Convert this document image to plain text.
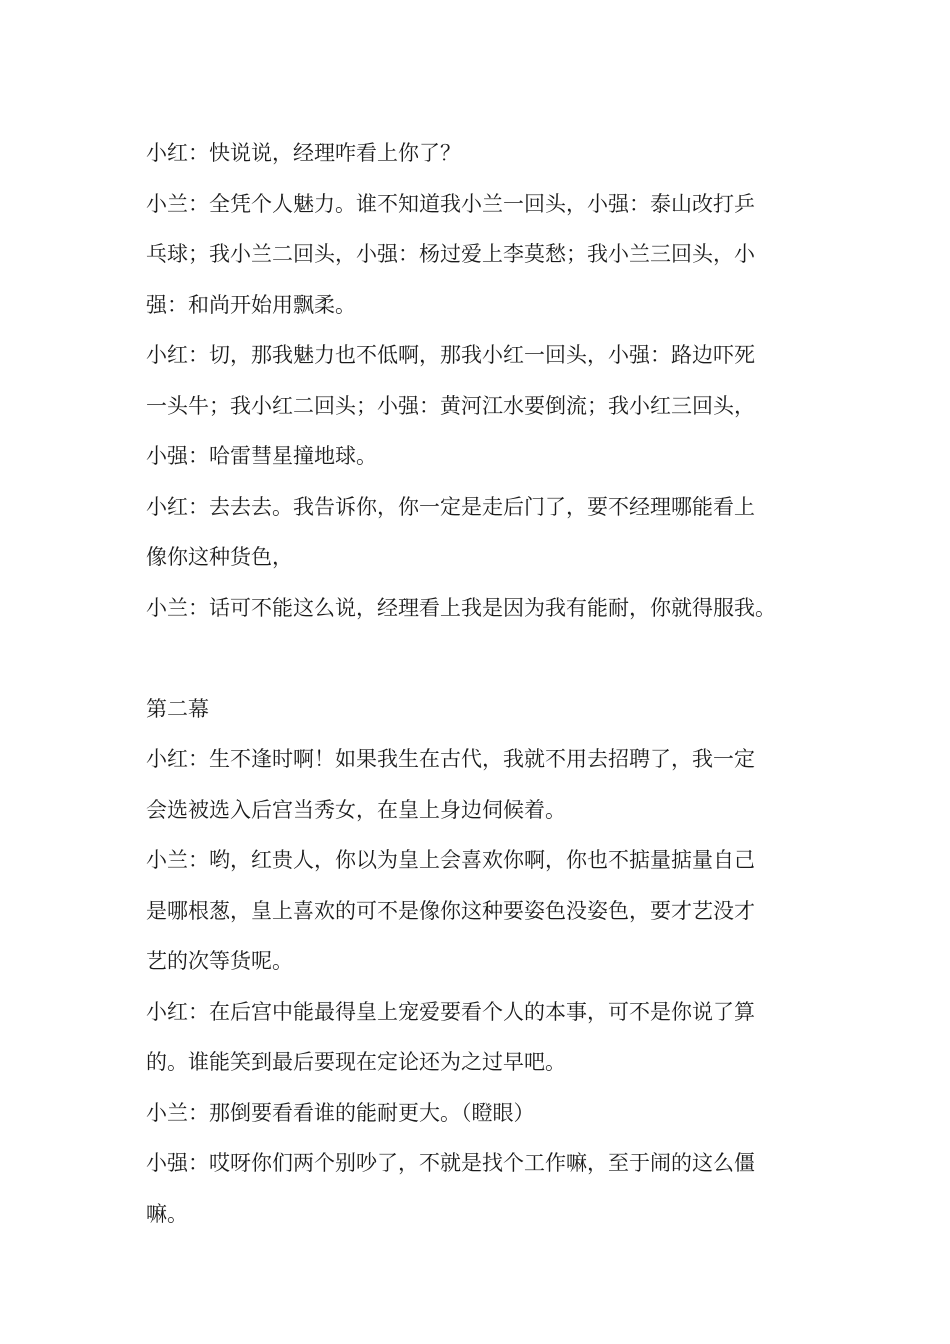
小红：快说说，经理咋看上你了？
小兰：全凭个人魅力。谁不知道我小兰一回头，小强：泰山改打乒
乓球；我小兰二回头，小强：杨过爱上李莫愁；我小兰三回头，小
强：和尚开始用飘柔。
小红：切，那我魅力也不低啊，那我小红一回头，小强：路边吓死
一头牛；我小红二回头；小强：黄河江水要倒流；我小红三回头，
小强：哈雷彗星撞地球。
小红：去去去。我告诉你，你一定是走后门了，要不经理哪能看上
像你这种货色，
小兰：话可不能这么说，经理看上我是因为我有能耐，你就得服我。
第二幕
小红：生不逢时啊！如果我生在古代，我就不用去招聘了，我一定
会选被选入后宫当秀女，在皇上身边伺候着。
小兰：哟，红贵人，你以为皇上会喜欢你啊，你也不掂量掂量自己
是哪根葱，皇上喜欢的可不是像你这种要姿色没姿色，要才艺没才
艺的次等货呢。
小红：在后宫中能最得皇上宠爱要看个人的本事，可不是你说了算
的。谁能笑到最后要现在定论还为之过早吧。
小兰：那倒要看看谁的能耐更大。（瞪眼）
小强：哎呀你们两个别吵了，不就是找个工作嘛，至于闹的这么僵
嘛。
